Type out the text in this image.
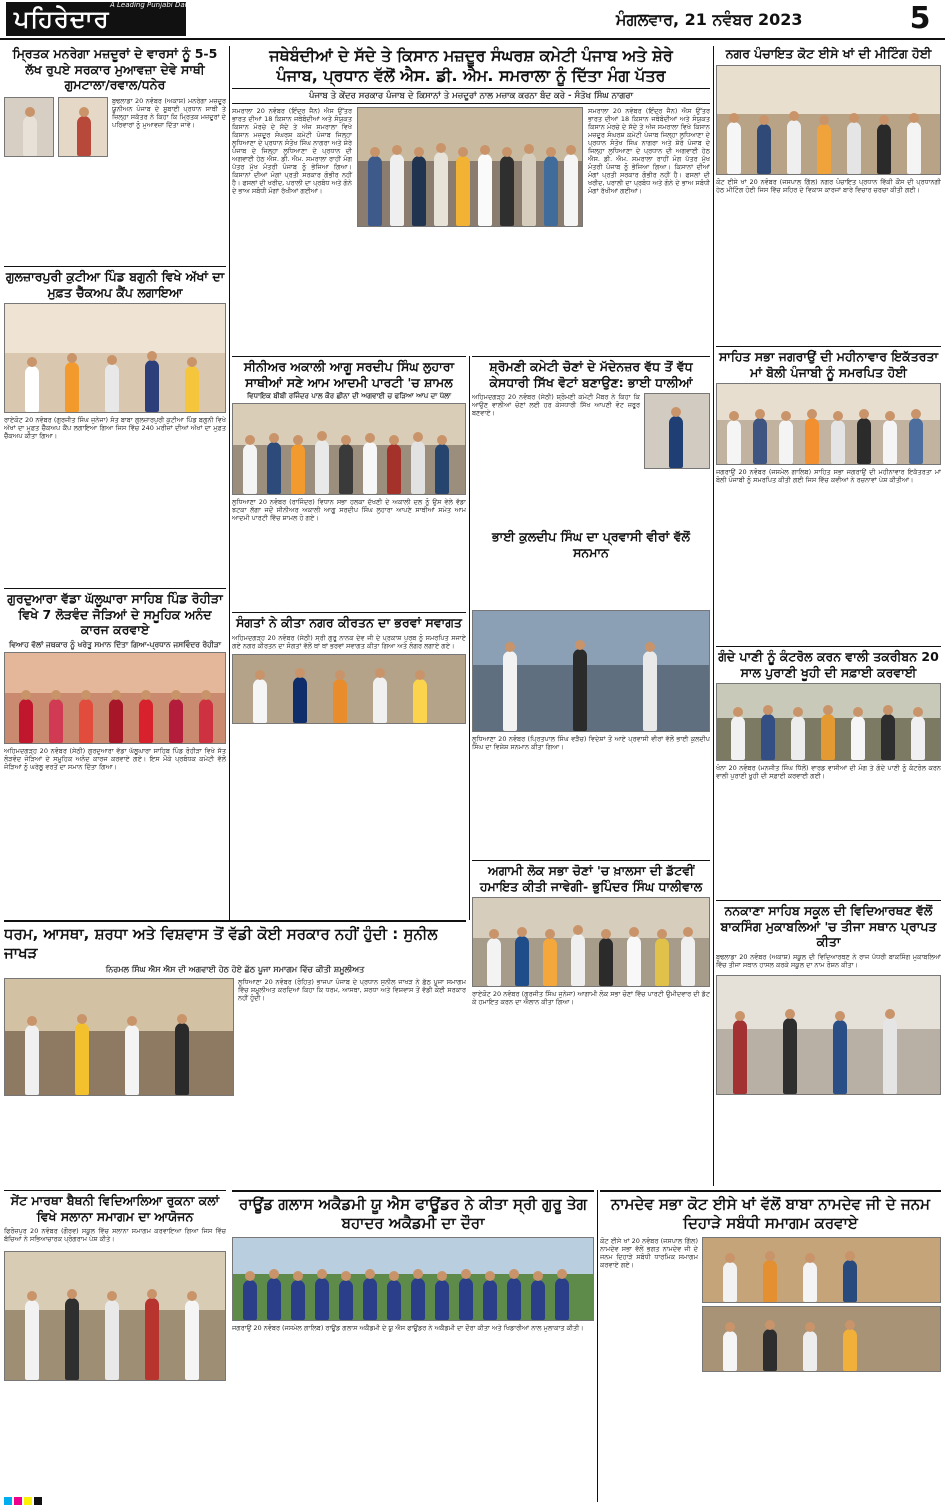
ਪਹਿਰੇਦਾਰ A Leading Punjabi Daily
ਮੰਗਲਵਾਰ, 21 ਨਵੰਬਰ 2023	5
ਮ੍ਰਿਤਕ ਮਨਰੇਗਾ ਮਜ਼ਦੂਰਾਂ ਦੇ ਵਾਰਸਾਂ ਨੂੰ 5-5 ਲੱਖ ਰੁਪਏ ਸਰਕਾਰ ਮੁਆਵਜ਼ਾ ਦੇਵੇ ਸਾਥੀ ਗੁਮਟਾਲਾ/ਰਵਾਲ/ਧਨੇਰ
ਬੁਢਲਾਡਾ 20 ਨਵੰਬਰ (ਅਕਾਸ਼) ਮਨਰੇਗਾ ਮਜ਼ਦੂਰ ਯੂਨੀਅਨ ਪੰਜਾਬ ਦੇ ਸੂਬਾਈ ਪ੍ਰਧਾਨ ਸਾਥੀ ਤੇ ਜ਼ਿਲ੍ਹਾ ਸਕੱਤਰ ਨੇ ਕਿਹਾ ਕਿ ਮ੍ਰਿਤਕ ਮਜ਼ਦੂਰਾਂ ਦੇ ਪਰਿਵਾਰਾਂ ਨੂੰ ਮੁਆਵਜ਼ਾ ਦਿੱਤਾ ਜਾਵੇ।
ਗੁਲਜ਼ਾਰਪੁਰੀ ਕੁਟੀਆ ਪਿੰਡ ਬਗੁਨੀ ਵਿਖੇ ਅੱਖਾਂ ਦਾ ਮੁਫ਼ਤ ਚੈੱਕਅਪ ਕੈਂਪ ਲਗਾਇਆ
ਰਾਏਕੋਟ 20 ਨਵੰਬਰ (ਗੁਰਜੀਤ ਸਿੰਘ ਜੁਨੇਜਾ) ਸੰਤ ਬਾਬਾ ਗੁਲਜ਼ਾਰਪੁਰੀ ਕੁਟੀਆ ਪਿੰਡ ਬਗੁਨੀ ਵਿਖੇ ਅੱਖਾਂ ਦਾ ਮੁਫ਼ਤ ਚੈੱਕਅਪ ਕੈਂਪ ਲਗਾਇਆ ਗਿਆ ਜਿਸ ਵਿੱਚ 240 ਮਰੀਜ਼ਾਂ ਦੀਆਂ ਅੱਖਾਂ ਦਾ ਮੁਫ਼ਤ ਚੈੱਕਅਪ ਕੀਤਾ ਗਿਆ।
ਗੁਰਦੁਆਰਾ ਵੱਡਾ ਘੱਲੂਘਾਰਾ ਸਾਹਿਬ ਪਿੰਡ ਰੋਹੀੜਾ ਵਿਖੇ 7 ਲੋੜਵੰਦ ਜੋੜਿਆਂ ਦੇ ਸਮੂਹਿਕ ਅਨੰਦ ਕਾਰਜ ਕਰਵਾਏ
ਵਿਆਹ ਵੱਲਾਂ ਜਥਕਾਰ ਨੂੰ ਖਰੇਤੂ ਸਮਾਨ ਦਿੱਤਾ ਗਿਆ-ਪ੍ਰਧਾਨ ਜਸਵਿੰਦਰ ਰੋਹੀੜਾ
ਅਹਿਮਦਗੜ੍ਹ 20 ਨਵੰਬਰ (ਸੇਠੀ) ਗੁਰਦੁਆਰਾ ਵੱਡਾ ਘੱਲੂਘਾਰਾ ਸਾਹਿਬ ਪਿੰਡ ਰੋਹੀੜਾ ਵਿਖੇ ਸੱਤ ਲੋੜਵੰਦ ਜੋੜਿਆਂ ਦੇ ਸਮੂਹਿਕ ਅਨੰਦ ਕਾਰਜ ਕਰਵਾਏ ਗਏ। ਇਸ ਮੌਕੇ ਪ੍ਰਬੰਧਕ ਕਮੇਟੀ ਵੱਲੋਂ ਜੋੜਿਆਂ ਨੂੰ ਘਰੇਲੂ ਵਰਤੋਂ ਦਾ ਸਮਾਨ ਦਿੱਤਾ ਗਿਆ।
ਜਥੇਬੰਦੀਆਂ ਦੇ ਸੱਦੇ ਤੇ ਕਿਸਾਨ ਮਜ਼ਦੂਰ ਸੰਘਰਸ਼ ਕਮੇਟੀ ਪੰਜਾਬ ਅਤੇ ਸ਼ੇਰੇ
ਪੰਜਾਬ, ਪ੍ਰਧਾਨ ਵੱਲੋਂ ਐਸ. ਡੀ. ਐਮ. ਸਮਰਾਲਾ ਨੂੰ ਦਿੱਤਾ ਮੰਗ ਪੱਤਰ
ਪੰਜਾਬ ਤੇ ਕੇਂਦਰ ਸਰਕਾਰ ਪੰਜਾਬ ਦੇ ਕਿਸਾਨਾਂ ਤੇ ਮਜ਼ਦੂਰਾਂ ਨਾਲ ਮਜ਼ਾਕ ਕਰਨਾ ਬੰਦ ਕਰੇ - ਸੰਤੋਖ ਸਿੰਘ ਨਾਗਰਾ
ਸਮਰਾਲਾ 20 ਨਵੰਬਰ (ਇੰਦ੍ਰ ਜੈਨ) ਐਸ ਉੱਤਰ ਭਾਰਤ ਦੀਆਂ 18 ਕਿਸਾਨ ਜਥੇਬੰਦੀਆਂ ਅਤੇ ਸੰਯੁਕਤ ਕਿਸਾਨ ਮੋਰਚੇ ਦੇ ਸੱਦੇ ਤੇ ਅੱਜ ਸਮਰਾਲਾ ਵਿਖੇ ਕਿਸਾਨ ਮਜ਼ਦੂਰ ਸੰਘਰਸ਼ ਕਮੇਟੀ ਪੰਜਾਬ ਜਿਲ੍ਹਾ ਲੁਧਿਆਣਾ ਦੇ ਪ੍ਰਧਾਨ ਸੰਤੋਖ ਸਿੰਘ ਨਾਗਰਾ ਅਤੇ ਸ਼ੇਰੇ ਪੰਜਾਬ ਦੇ ਜਿਲ੍ਹਾ ਲੁਧਿਆਣਾ ਦੇ ਪ੍ਰਧਾਨ ਦੀ ਅਗਵਾਈ ਹੇਠ ਐਸ. ਡੀ. ਐਮ. ਸਮਰਾਲਾ ਰਾਹੀਂ ਮੰਗ ਪੱਤਰ ਮੁੱਖ ਮੰਤਰੀ ਪੰਜਾਬ ਨੂੰ ਭੇਜਿਆ ਗਿਆ। ਕਿਸਾਨਾਂ ਦੀਆਂ ਮੰਗਾਂ ਪ੍ਰਤੀ ਸਰਕਾਰ ਗੰਭੀਰ ਨਹੀਂ ਹੈ। ਫਸਲਾਂ ਦੀ ਖਰੀਦ, ਪਰਾਲੀ ਦਾ ਪ੍ਰਬੰਧ ਅਤੇ ਗੰਨੇ ਦੇ ਭਾਅ ਸਬੰਧੀ ਮੰਗਾਂ ਰੱਖੀਆਂ ਗਈਆਂ।
ਸਮਰਾਲਾ 20 ਨਵੰਬਰ (ਇੰਦ੍ਰ ਜੈਨ) ਐਸ ਉੱਤਰ ਭਾਰਤ ਦੀਆਂ 18 ਕਿਸਾਨ ਜਥੇਬੰਦੀਆਂ ਅਤੇ ਸੰਯੁਕਤ ਕਿਸਾਨ ਮੋਰਚੇ ਦੇ ਸੱਦੇ ਤੇ ਅੱਜ ਸਮਰਾਲਾ ਵਿਖੇ ਕਿਸਾਨ ਮਜ਼ਦੂਰ ਸੰਘਰਸ਼ ਕਮੇਟੀ ਪੰਜਾਬ ਜਿਲ੍ਹਾ ਲੁਧਿਆਣਾ ਦੇ ਪ੍ਰਧਾਨ ਸੰਤੋਖ ਸਿੰਘ ਨਾਗਰਾ ਅਤੇ ਸ਼ੇਰੇ ਪੰਜਾਬ ਦੇ ਜਿਲ੍ਹਾ ਲੁਧਿਆਣਾ ਦੇ ਪ੍ਰਧਾਨ ਦੀ ਅਗਵਾਈ ਹੇਠ ਐਸ. ਡੀ. ਐਮ. ਸਮਰਾਲਾ ਰਾਹੀਂ ਮੰਗ ਪੱਤਰ ਮੁੱਖ ਮੰਤਰੀ ਪੰਜਾਬ ਨੂੰ ਭੇਜਿਆ ਗਿਆ। ਕਿਸਾਨਾਂ ਦੀਆਂ ਮੰਗਾਂ ਪ੍ਰਤੀ ਸਰਕਾਰ ਗੰਭੀਰ ਨਹੀਂ ਹੈ। ਫਸਲਾਂ ਦੀ ਖਰੀਦ, ਪਰਾਲੀ ਦਾ ਪ੍ਰਬੰਧ ਅਤੇ ਗੰਨੇ ਦੇ ਭਾਅ ਸਬੰਧੀ ਮੰਗਾਂ ਰੱਖੀਆਂ ਗਈਆਂ।
ਸੀਨੀਅਰ ਅਕਾਲੀ ਆਗੂ ਸਰਦੀਪ ਸਿੰਘ ਲੁਹਾਰਾ ਸਾਥੀਆਂ ਸਣੇ ਆਮ ਆਦਮੀ ਪਾਰਟੀ 'ਚ ਸ਼ਾਮਲ
ਵਿਧਾਇਕ ਬੀਬੀ ਰਜਿੰਦਰ ਪਾਲ ਕੌਰ ਛੀਨਾ ਦੀ ਅਗਵਾਈ ਚ ਫੜਿਆ ਆਪ ਦਾ ਪੱਲਾ
ਲੁਧਿਆਣਾ 20 ਨਵੰਬਰ (ਰਾਜਿੰਦਰ) ਵਿਧਾਨ ਸਭਾ ਹਲਕਾ ਦੱਖਣੀ ਦੇ ਅਕਾਲੀ ਦਲ ਨੂੰ ਉਸ ਵੇਲੇ ਵੱਡਾ ਝਟਕਾ ਲੱਗਾ ਜਦੋਂ ਸੀਨੀਅਰ ਅਕਾਲੀ ਆਗੂ ਸਰਦੀਪ ਸਿੰਘ ਲੁਹਾਰਾ ਆਪਣੇ ਸਾਥੀਆਂ ਸਮੇਤ ਆਮ ਆਦਮੀ ਪਾਰਟੀ ਵਿੱਚ ਸ਼ਾਮਲ ਹੋ ਗਏ।
ਸੰਗਤਾਂ ਨੇ ਕੀਤਾ ਨਗਰ ਕੀਰਤਨ ਦਾ ਭਰਵਾਂ ਸਵਾਗਤ
ਅਹਿਮਦਗੜ੍ਹ 20 ਨਵੰਬਰ (ਸੇਠੀ) ਸ੍ਰੀ ਗੁਰੂ ਨਾਨਕ ਦੇਵ ਜੀ ਦੇ ਪ੍ਰਕਾਸ਼ ਪੁਰਬ ਨੂੰ ਸਮਰਪਿਤ ਸਜਾਏ ਗਏ ਨਗਰ ਕੀਰਤਨ ਦਾ ਸੰਗਤਾਂ ਵੱਲੋਂ ਥਾਂ ਥਾਂ ਭਰਵਾਂ ਸਵਾਗਤ ਕੀਤਾ ਗਿਆ ਅਤੇ ਲੰਗਰ ਲਗਾਏ ਗਏ।
ਸ਼੍ਰੋਮਣੀ ਕਮੇਟੀ ਚੋਣਾਂ ਦੇ ਮੱਦੇਨਜ਼ਰ ਵੱਧ ਤੋਂ ਵੱਧ ਕੇਸਧਾਰੀ ਸਿੱਖ ਵੋਟਾਂ ਬਣਾਉਣ: ਭਾਈ ਧਾਲੀਆਂ
ਅਹਿਮਦਗੜ੍ਹ 20 ਨਵੰਬਰ (ਸੇਠੀ) ਸ਼੍ਰੋਮਣੀ ਕਮੇਟੀ ਮੈਂਬਰ ਨੇ ਕਿਹਾ ਕਿ ਆਉਣ ਵਾਲੀਆਂ ਚੋਣਾਂ ਲਈ ਹਰ ਕੇਸਧਾਰੀ ਸਿੱਖ ਆਪਣੀ ਵੋਟ ਜ਼ਰੂਰ ਬਣਵਾਏ।
ਭਾਈ ਕੁਲਦੀਪ ਸਿੰਘ ਦਾ ਪ੍ਰਵਾਸੀ ਵੀਰਾਂ ਵੱਲੋਂ ਸਨਮਾਨ
ਲੁਧਿਆਣਾ 20 ਨਵੰਬਰ (ਪ੍ਰਿਤਪਾਲ ਸਿੰਘ ਵੜੈਚ) ਵਿਦੇਸ਼ਾਂ ਤੋਂ ਆਏ ਪ੍ਰਵਾਸੀ ਵੀਰਾਂ ਵੱਲੋਂ ਭਾਈ ਕੁਲਦੀਪ ਸਿੰਘ ਦਾ ਵਿਸ਼ੇਸ਼ ਸਨਮਾਨ ਕੀਤਾ ਗਿਆ।
ਅਗਾਮੀ ਲੋਕ ਸਭਾ ਚੋਣਾਂ 'ਚ ਖ਼ਾਲਸਾ ਦੀ ਡੱਟਵੀਂ ਹਮਾਇਤ ਕੀਤੀ ਜਾਵੇਗੀ- ਭੁਪਿੰਦਰ ਸਿੰਘ ਧਾਲੀਵਾਲ
ਰਾਏਕੋਟ 20 ਨਵੰਬਰ (ਗੁਰਜੀਤ ਸਿੰਘ ਜੁਨੇਜਾ) ਆਗਾਮੀ ਲੋਕ ਸਭਾ ਚੋਣਾਂ ਵਿੱਚ ਪਾਰਟੀ ਉਮੀਦਵਾਰ ਦੀ ਡੱਟ ਕੇ ਹਮਾਇਤ ਕਰਨ ਦਾ ਐਲਾਨ ਕੀਤਾ ਗਿਆ।
ਨਗਰ ਪੰਚਾਇਤ ਕੋਟ ਈਸੇ ਖਾਂ ਦੀ ਮੀਟਿੰਗ ਹੋਈ
ਕੋਟ ਈਸੇ ਖਾਂ 20 ਨਵੰਬਰ (ਜਸਪਾਲ ਗਿੱਲ) ਨਗਰ ਪੰਚਾਇਤ ਪ੍ਰਧਾਨ ਵਿੱਕੀ ਕੌਂਸ ਦੀ ਪ੍ਰਧਾਨਗੀ ਹੇਠ ਮੀਟਿੰਗ ਹੋਈ ਜਿਸ ਵਿੱਚ ਸ਼ਹਿਰ ਦੇ ਵਿਕਾਸ ਕਾਰਜਾਂ ਬਾਰੇ ਵਿਚਾਰ ਚਰਚਾ ਕੀਤੀ ਗਈ।
ਸਾਹਿਤ ਸਭਾ ਜਗਰਾਉਂ ਦੀ ਮਹੀਨਾਵਾਰ ਇਕੱਤਰਤਾ ਮਾਂ ਬੋਲੀ ਪੰਜਾਬੀ ਨੂੰ ਸਮਰਪਿਤ ਹੋਈ
ਜਗਰਾਉਂ 20 ਨਵੰਬਰ (ਜਸਮੇਲ ਗਾਲਿਬ) ਸਾਹਿਤ ਸਭਾ ਜਗਰਾਉਂ ਦੀ ਮਹੀਨਾਵਾਰ ਇਕੱਤਰਤਾ ਮਾਂ ਬੋਲੀ ਪੰਜਾਬੀ ਨੂੰ ਸਮਰਪਿਤ ਕੀਤੀ ਗਈ ਜਿਸ ਵਿੱਚ ਕਵੀਆਂ ਨੇ ਰਚਨਾਵਾਂ ਪੇਸ਼ ਕੀਤੀਆਂ।
ਗੰਦੇ ਪਾਣੀ ਨੂੰ ਕੰਟਰੋਲ ਕਰਨ ਵਾਲੀ ਤਕਰੀਬਨ 20 ਸਾਲ ਪੁਰਾਣੀ ਖੂਹੀ ਦੀ ਸਫ਼ਾਈ ਕਰਵਾਈ
ਖੰਨਾ 20 ਨਵੰਬਰ (ਮਨਜੀਤ ਸਿੰਘ ਧਿੱਲੋਂ) ਵਾਰਡ ਵਾਸੀਆਂ ਦੀ ਮੰਗ ਤੇ ਗੰਦੇ ਪਾਣੀ ਨੂੰ ਕੰਟਰੋਲ ਕਰਨ ਵਾਲੀ ਪੁਰਾਣੀ ਖੂਹੀ ਦੀ ਸਫ਼ਾਈ ਕਰਵਾਈ ਗਈ।
ਨਨਕਾਣਾ ਸਾਹਿਬ ਸਕੂਲ ਦੀ ਵਿਦਿਆਰਥਣ ਵੱਲੋਂ ਬਾਕਸਿੰਗ ਮੁਕਾਬਲਿਆਂ 'ਚ ਤੀਜਾ ਸਥਾਨ ਪ੍ਰਾਪਤ ਕੀਤਾ
ਬੁਢਲਾਡਾ 20 ਨਵੰਬਰ (ਅਕਾਸ਼) ਸਕੂਲ ਦੀ ਵਿਦਿਆਰਥਣ ਨੇ ਰਾਜ ਪੱਧਰੀ ਬਾਕਸਿੰਗ ਮੁਕਾਬਲਿਆਂ ਵਿੱਚ ਤੀਜਾ ਸਥਾਨ ਹਾਸਲ ਕਰਕੇ ਸਕੂਲ ਦਾ ਨਾਮ ਰੋਸ਼ਨ ਕੀਤਾ।
ਧਰਮ, ਆਸਥਾ, ਸ਼ਰਧਾ ਅਤੇ ਵਿਸ਼ਵਾਸ ਤੋਂ ਵੱਡੀ ਕੋਈ ਸਰਕਾਰ ਨਹੀਂ ਹੁੰਦੀ : ਸੁਨੀਲ ਜਾਖੜ
ਨਿਰਮਲ ਸਿੰਘ ਐਸ ਐਸ ਦੀ ਅਗਵਾਈ ਹੇਠ ਹੋਏ ਛੱਠ ਪੂਜਾ ਸਮਾਗਮ ਵਿੱਚ ਕੀਤੀ ਸ਼ਮੂਲੀਅਤ
ਲੁਧਿਆਣਾ 20 ਨਵੰਬਰ (ਰੋਹਿਤ) ਭਾਜਪਾ ਪੰਜਾਬ ਦੇ ਪ੍ਰਧਾਨ ਸੁਨੀਲ ਜਾਖੜ ਨੇ ਛੱਠ ਪੂਜਾ ਸਮਾਗਮ ਵਿੱਚ ਸ਼ਮੂਲੀਅਤ ਕਰਦਿਆਂ ਕਿਹਾ ਕਿ ਧਰਮ, ਆਸਥਾ, ਸ਼ਰਧਾ ਅਤੇ ਵਿਸ਼ਵਾਸ ਤੋਂ ਵੱਡੀ ਕੋਈ ਸਰਕਾਰ ਨਹੀਂ ਹੁੰਦੀ।
ਸੇਂਟ ਮਾਰਥਾ ਬੈਥਨੀ ਵਿਦਿਆਲਿਆ ਰੁਕਨਾ ਕਲਾਂ ਵਿਖੇ ਸਲਾਨਾ ਸਮਾਗਮ ਦਾ ਆਯੋਜਨ
ਫਿਰੋਜ਼ਪੁਰ 20 ਨਵੰਬਰ (ਗੌਰਵ) ਸਕੂਲ ਵਿੱਚ ਸਲਾਨਾ ਸਮਾਗਮ ਕਰਵਾਇਆ ਗਿਆ ਜਿਸ ਵਿੱਚ ਬੱਚਿਆਂ ਨੇ ਸਭਿਆਚਾਰਕ ਪ੍ਰੋਗਰਾਮ ਪੇਸ਼ ਕੀਤੇ।
ਰਾਊਂਡ ਗਲਾਸ ਅਕੈਡਮੀ ਯੂ ਐਸ ਫਾਊਂਡਰ ਨੇ ਕੀਤਾ ਸ੍ਰੀ ਗੁਰੂ ਤੇਗ ਬਹਾਦਰ ਅਕੈਡਮੀ ਦਾ ਦੌਰਾ
ਜਗਰਾਉਂ 20 ਨਵੰਬਰ (ਜਸਮੇਲ ਗਾਲਿਬ) ਰਾਊਂਡ ਗਲਾਸ ਅਕੈਡਮੀ ਦੇ ਯੂ ਐਸ ਫਾਊਂਡਰ ਨੇ ਅਕੈਡਮੀ ਦਾ ਦੌਰਾ ਕੀਤਾ ਅਤੇ ਖਿਡਾਰੀਆਂ ਨਾਲ ਮੁਲਾਕਾਤ ਕੀਤੀ।
ਨਾਮਦੇਵ ਸਭਾ ਕੋਟ ਈਸੇ ਖਾਂ ਵੱਲੋਂ ਬਾਬਾ ਨਾਮਦੇਵ ਜੀ ਦੇ ਜਨਮ ਦਿਹਾੜੇ ਸਬੰਧੀ ਸਮਾਗਮ ਕਰਵਾਏ
ਕੋਟ ਈਸੇ ਖਾਂ 20 ਨਵੰਬਰ (ਜਸਪਾਲ ਗਿੱਲ) ਨਾਮਦੇਵ ਸਭਾ ਵੱਲੋਂ ਭਗਤ ਨਾਮਦੇਵ ਜੀ ਦੇ ਜਨਮ ਦਿਹਾੜੇ ਸਬੰਧੀ ਧਾਰਮਿਕ ਸਮਾਗਮ ਕਰਵਾਏ ਗਏ।
